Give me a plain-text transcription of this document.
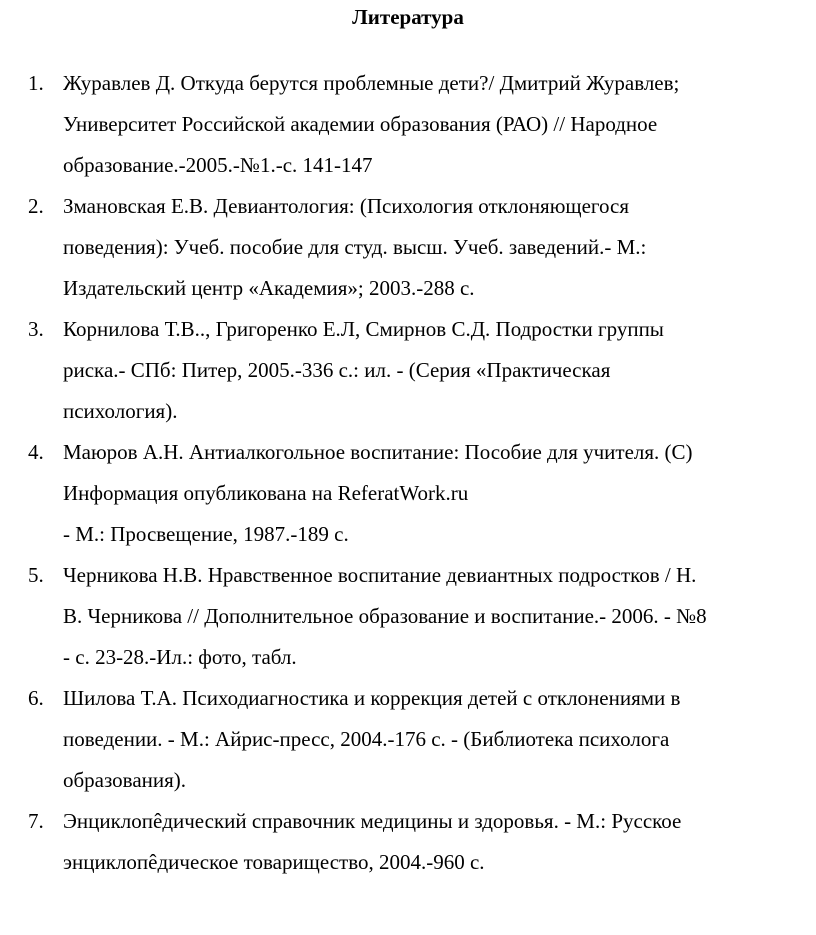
Литература
1. Журавлев Д. Откуда берутся проблемные дети?/ Дмитрий Журавлев;
Университет Российской академии образования (РАО) // Народное
образование.-2005.-№1.-с. 141-147
2. Змановская Е.В. Девиантология: (Психология отклоняющегося
поведения): Учеб. пособие для студ. высш. Учеб. заведений.- М.:
Издательский центр «Академия»; 2003.-288 с.
3. Корнилова Т.В.., Григоренко Е.Л, Смирнов С.Д. Подростки группы
риска.- СПб: Питер, 2005.-336 с.: ил. - (Серия «Практическая
психология).
4. Маюров А.Н. Антиалкогольное воспитание: Пособие для учителя. (С)
Информация опубликована на ReferatWork.ru
- М.: Просвещение, 1987.-189 с.
5. Черникова Н.В. Нравственное воспитание девиантных подростков / Н.
В. Черникова // Дополнительное образование и воспитание.- 2006. - №8
- с. 23-28.-Ил.: фото, табл.
6. Шилова Т.А. Психодиагностика и коррекция детей с отклонениями в
поведении. - М.: Айрис-пресс, 2004.-176 с. - (Библиотека психолога
образования).
7. Энциклопêдический справочник медицины и здоровья. - М.: Русское
энциклопêдическое товарищество, 2004.-960 с.
